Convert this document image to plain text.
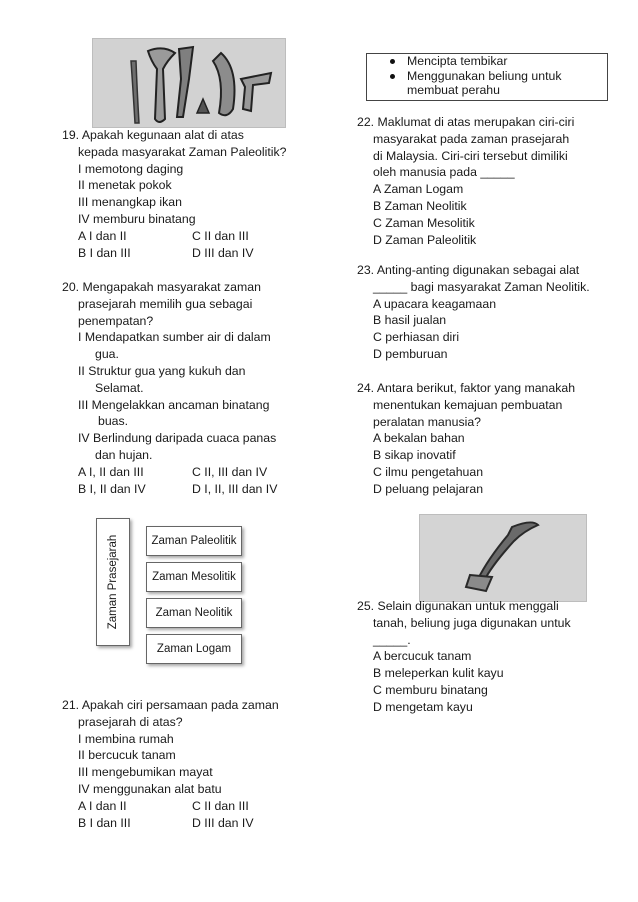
19. Apakah kegunaan alat di atas
kepada masyarakat Zaman Paleolitik?
I memotong daging
II menetak pokok
III menangkap ikan
IV memburu binatang
A I dan II	C II dan III
B I dan III	D III dan IV
20. Mengapakah masyarakat zaman
prasejarah memilih gua sebagai
penempatan?
I Mendapatkan sumber air di dalam
gua.
II Struktur gua yang kukuh dan
Selamat.
III Mengelakkan ancaman binatang
buas.
IV Berlindung daripada cuaca panas
dan hujan.
A I, II dan III	C II, III dan IV
B I, II dan IV	D I, II, III dan IV
Zaman Prasejarah	Zaman Paleolitik
Zaman Mesolitik
Zaman Neolitik
Zaman Logam
21. Apakah ciri persamaan pada zaman
prasejarah di atas?
I membina rumah
II bercucuk tanam
III mengebumikan mayat
IV menggunakan alat batu
A I dan II	C II dan III
B I dan III	D III dan IV
Mencipta tembikar
Menggunakan beliung untuk
membuat perahu
22. Maklumat di atas merupakan ciri-ciri
masyarakat pada zaman prasejarah
di Malaysia. Ciri-ciri tersebut dimiliki
oleh manusia pada _____
A Zaman Logam
B Zaman Neolitik
C Zaman Mesolitik
D Zaman Paleolitik
23. Anting-anting digunakan sebagai alat
_____ bagi masyarakat Zaman Neolitik.
A upacara keagamaan
B hasil jualan
C perhiasan diri
D pemburuan
24. Antara berikut, faktor yang manakah
menentukan kemajuan pembuatan
peralatan manusia?
A bekalan bahan
B sikap inovatif
C ilmu pengetahuan
D peluang pelajaran
25. Selain digunakan untuk menggali
tanah, beliung juga digunakan untuk
_____.
A bercucuk tanam
B meleperkan kulit kayu
C memburu binatang
D mengetam kayu
